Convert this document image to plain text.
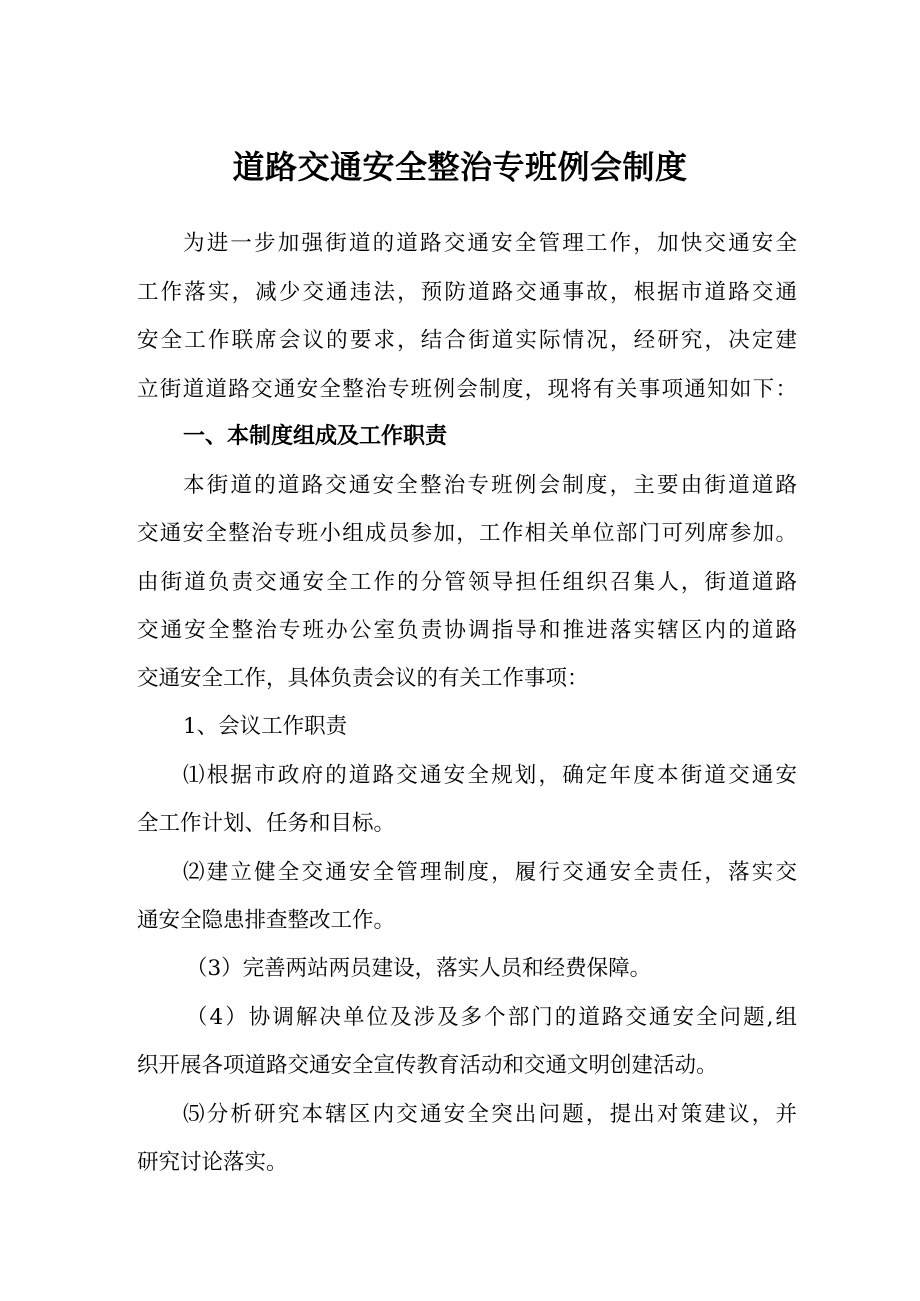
道路交通安全整治专班例会制度
为进一步加强街道的道路交通安全管理工作，加快交通安全
工作落实，减少交通违法，预防道路交通事故，根据市道路交通
安全工作联席会议的要求，结合街道实际情况，经研究，决定建
立街道道路交通安全整治专班例会制度，现将有关事项通知如下：
一、本制度组成及工作职责
本街道的道路交通安全整治专班例会制度，主要由街道道路
交通安全整治专班小组成员参加，工作相关单位部门可列席参加。
由街道负责交通安全工作的分管领导担任组织召集人，街道道路
交通安全整治专班办公室负责协调指导和推进落实辖区内的道路
交通安全工作，具体负责会议的有关工作事项：
1、会议工作职责
⑴根据市政府的道路交通安全规划，确定年度本街道交通安
全工作计划、任务和目标。
⑵建立健全交通安全管理制度，履行交通安全责任，落实交
通安全隐患排查整改工作。
（3）完善两站两员建设，落实人员和经费保障。
（4）协调解决单位及涉及多个部门的道路交通安全问题,组
织开展各项道路交通安全宣传教育活动和交通文明创建活动。
⑸分析研究本辖区内交通安全突出问题，提出对策建议，并
研究讨论落实。
